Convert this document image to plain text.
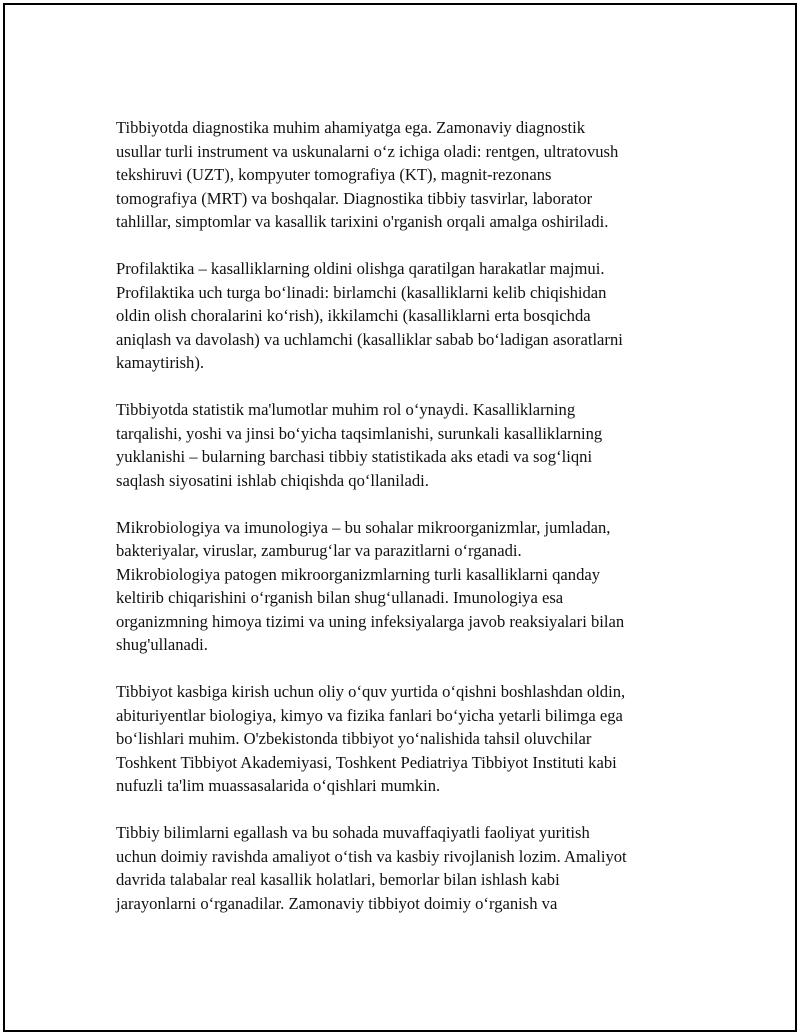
Tibbiyotda diagnostika muhim ahamiyatga ega. Zamonaviy diagnostik
usullar turli instrument va uskunalarni o‘z ichiga oladi: rentgen, ultratovush
tekshiruvi (UZT), kompyuter tomografiya (KT), magnit-rezonans
tomografiya (MRT) va boshqalar. Diagnostika tibbiy tasvirlar, laborator
tahlillar, simptomlar va kasallik tarixini o'rganish orqali amalga oshiriladi.

Profilaktika – kasalliklarning oldini olishga qaratilgan harakatlar majmui.
Profilaktika uch turga bo‘linadi: birlamchi (kasalliklarni kelib chiqishidan
oldin olish choralarini ko‘rish), ikkilamchi (kasalliklarni erta bosqichda
aniqlash va davolash) va uchlamchi (kasalliklar sabab bo‘ladigan asoratlarni
kamaytirish).

Tibbiyotda statistik ma'lumotlar muhim rol o‘ynaydi. Kasalliklarning
tarqalishi, yoshi va jinsi bo‘yicha taqsimlanishi, surunkali kasalliklarning
yuklanishi – bularning barchasi tibbiy statistikada aks etadi va sog‘liqni
saqlash siyosatini ishlab chiqishda qo‘llaniladi.

Mikrobiologiya va imunologiya – bu sohalar mikroorganizmlar, jumladan,
bakteriyalar, viruslar, zamburug‘lar va parazitlarni o‘rganadi.
Mikrobiologiya patogen mikroorganizmlarning turli kasalliklarni qanday
keltirib chiqarishini o‘rganish bilan shug‘ullanadi. Imunologiya esa
organizmning himoya tizimi va uning infeksiyalarga javob reaksiyalari bilan
shug'ullanadi.

Tibbiyot kasbiga kirish uchun oliy o‘quv yurtida o‘qishni boshlashdan oldin,
abituriyentlar biologiya, kimyo va fizika fanlari bo‘yicha yetarli bilimga ega
bo‘lishlari muhim. O'zbekistonda tibbiyot yo‘nalishida tahsil oluvchilar
Toshkent Tibbiyot Akademiyasi, Toshkent Pediatriya Tibbiyot Instituti kabi
nufuzli ta'lim muassasalarida o‘qishlari mumkin.

Tibbiy bilimlarni egallash va bu sohada muvaffaqiyatli faoliyat yuritish
uchun doimiy ravishda amaliyot o‘tish va kasbiy rivojlanish lozim. Amaliyot
davrida talabalar real kasallik holatlari, bemorlar bilan ishlash kabi
jarayonlarni o‘rganadilar. Zamonaviy tibbiyot doimiy o‘rganish va
